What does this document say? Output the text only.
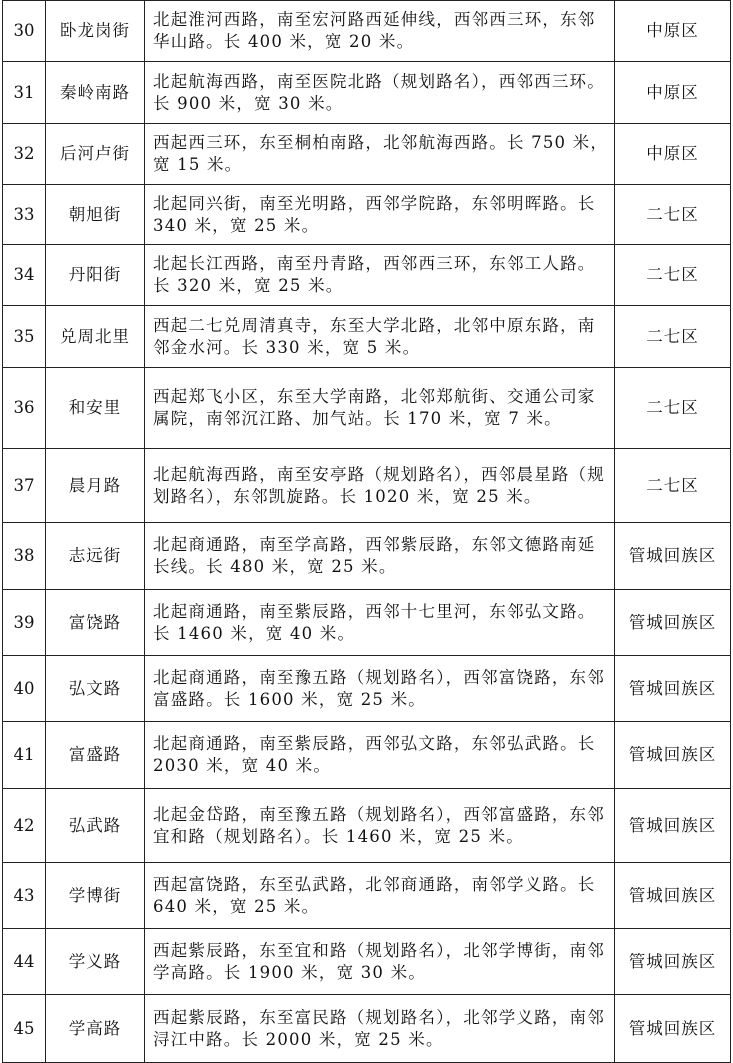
30	卧龙岗街	北起淮河西路，南至宏河路西延伸线，西邻西三环，东邻华山路。长 400 米，宽 20 米。	中原区
31	秦岭南路	北起航海西路，南至医院北路（规划路名），西邻西三环。长 900 米，宽 30 米。	中原区
32	后河卢街	西起西三环，东至桐柏南路，北邻航海西路。长 750 米，宽 15 米。	中原区
33	朝旭街	北起同兴街，南至光明路，西邻学院路，东邻明晖路。长 340 米，宽 25 米。	二七区
34	丹阳街	北起长江西路，南至丹青路，西邻西三环，东邻工人路。长 320 米，宽 25 米。	二七区
35	兑周北里	西起二七兑周清真寺，东至大学北路，北邻中原东路，南邻金水河。长 330 米，宽 5 米。	二七区
36	和安里	西起郑飞小区，东至大学南路，北邻郑航街、交通公司家属院，南邻沉江路、加气站。长 170 米，宽 7 米。	二七区
37	晨月路	北起航海西路，南至安亭路（规划路名），西邻晨星路（规划路名），东邻凯旋路。长 1020 米，宽 25 米。	二七区
38	志远街	北起商通路，南至学高路，西邻紫辰路，东邻文德路南延长线。长 480 米，宽 25 米。	管城回族区
39	富饶路	北起商通路，南至紫辰路，西邻十七里河，东邻弘文路。长 1460 米，宽 40 米。	管城回族区
40	弘文路	北起商通路，南至豫五路（规划路名），西邻富饶路，东邻富盛路。长 1600 米，宽 25 米。	管城回族区
41	富盛路	北起商通路，南至紫辰路，西邻弘文路，东邻弘武路。长 2030 米，宽 40 米。	管城回族区
42	弘武路	北起金岱路，南至豫五路（规划路名），西邻富盛路，东邻宜和路（规划路名）。长 1460 米，宽 25 米。	管城回族区
43	学博街	西起富饶路，东至弘武路，北邻商通路，南邻学义路。长 640 米，宽 25 米。	管城回族区
44	学义路	西起紫辰路，东至宜和路（规划路名），北邻学博街，南邻学高路。长 1900 米，宽 30 米。	管城回族区
45	学高路	西起紫辰路，东至富民路（规划路名），北邻学义路，南邻浔江中路。长 2000 米，宽 25 米。	管城回族区
